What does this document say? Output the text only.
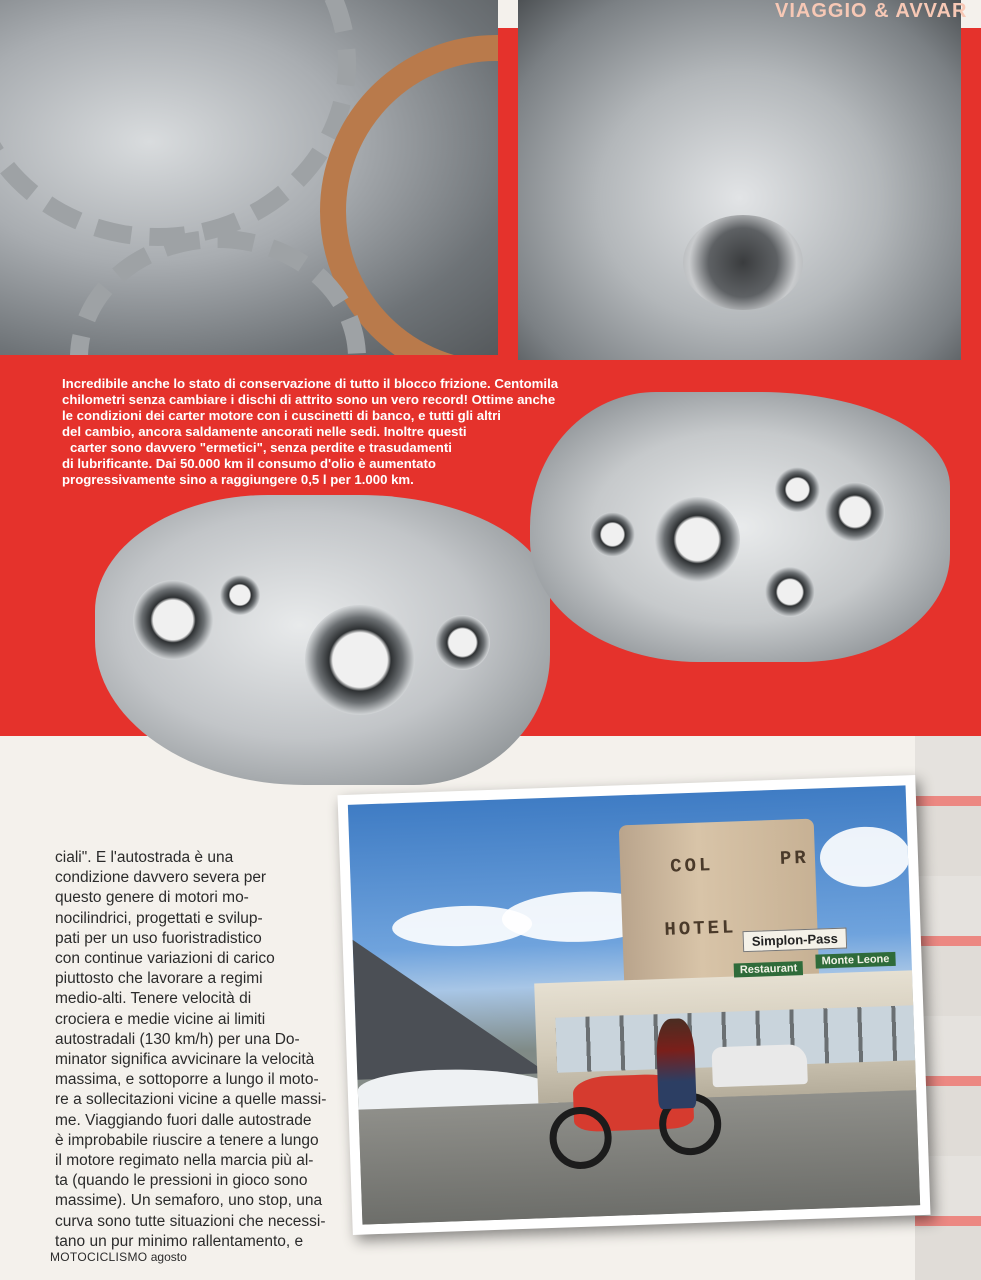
VIAGGIO & AVVAR
Incredibile anche lo stato di conservazione di tutto il blocco frizione. Centomila
chilometri senza cambiare i dischi di attrito sono un vero record! Ottime anche
le condizioni dei carter motore con i cuscinetti di banco, e tutti gli altri
del cambio, ancora saldamente ancorati nelle sedi. Inoltre questi
carter sono davvero "ermetici", senza perdite e trasudamenti
di lubrificante. Dai 50.000 km il consumo d'olio è aumentato
progressivamente sino a raggiungere 0,5 l per 1.000 km.
ciali". E l'autostrada è una
condizione davvero severa per
questo genere di motori mo-
nocilindrici, progettati e svilup-
pati per un uso fuoristradistico
con continue variazioni di carico
piuttosto che lavorare a regimi
medio-alti. Tenere velocità di
crociera e medie vicine ai limiti
autostradali (130 km/h) per una Do-
minator significa avvicinare la velocità
massima, e sottoporre a lungo il moto-
re a sollecitazioni vicine a quelle massi-
me. Viaggiando fuori dalle autostrade
è improbabile riuscire a tenere a lungo
il motore regimato nella marcia più al-
ta (quando le pressioni in gioco sono
massime). Un semaforo, uno stop, una
curva sono tutte situazioni che necessi-
tano un pur minimo rallentamento, e
COL	PR
HOTEL	Simplon-Pass
Restaurant
Monte Leone
MOTOCICLISMO agosto
